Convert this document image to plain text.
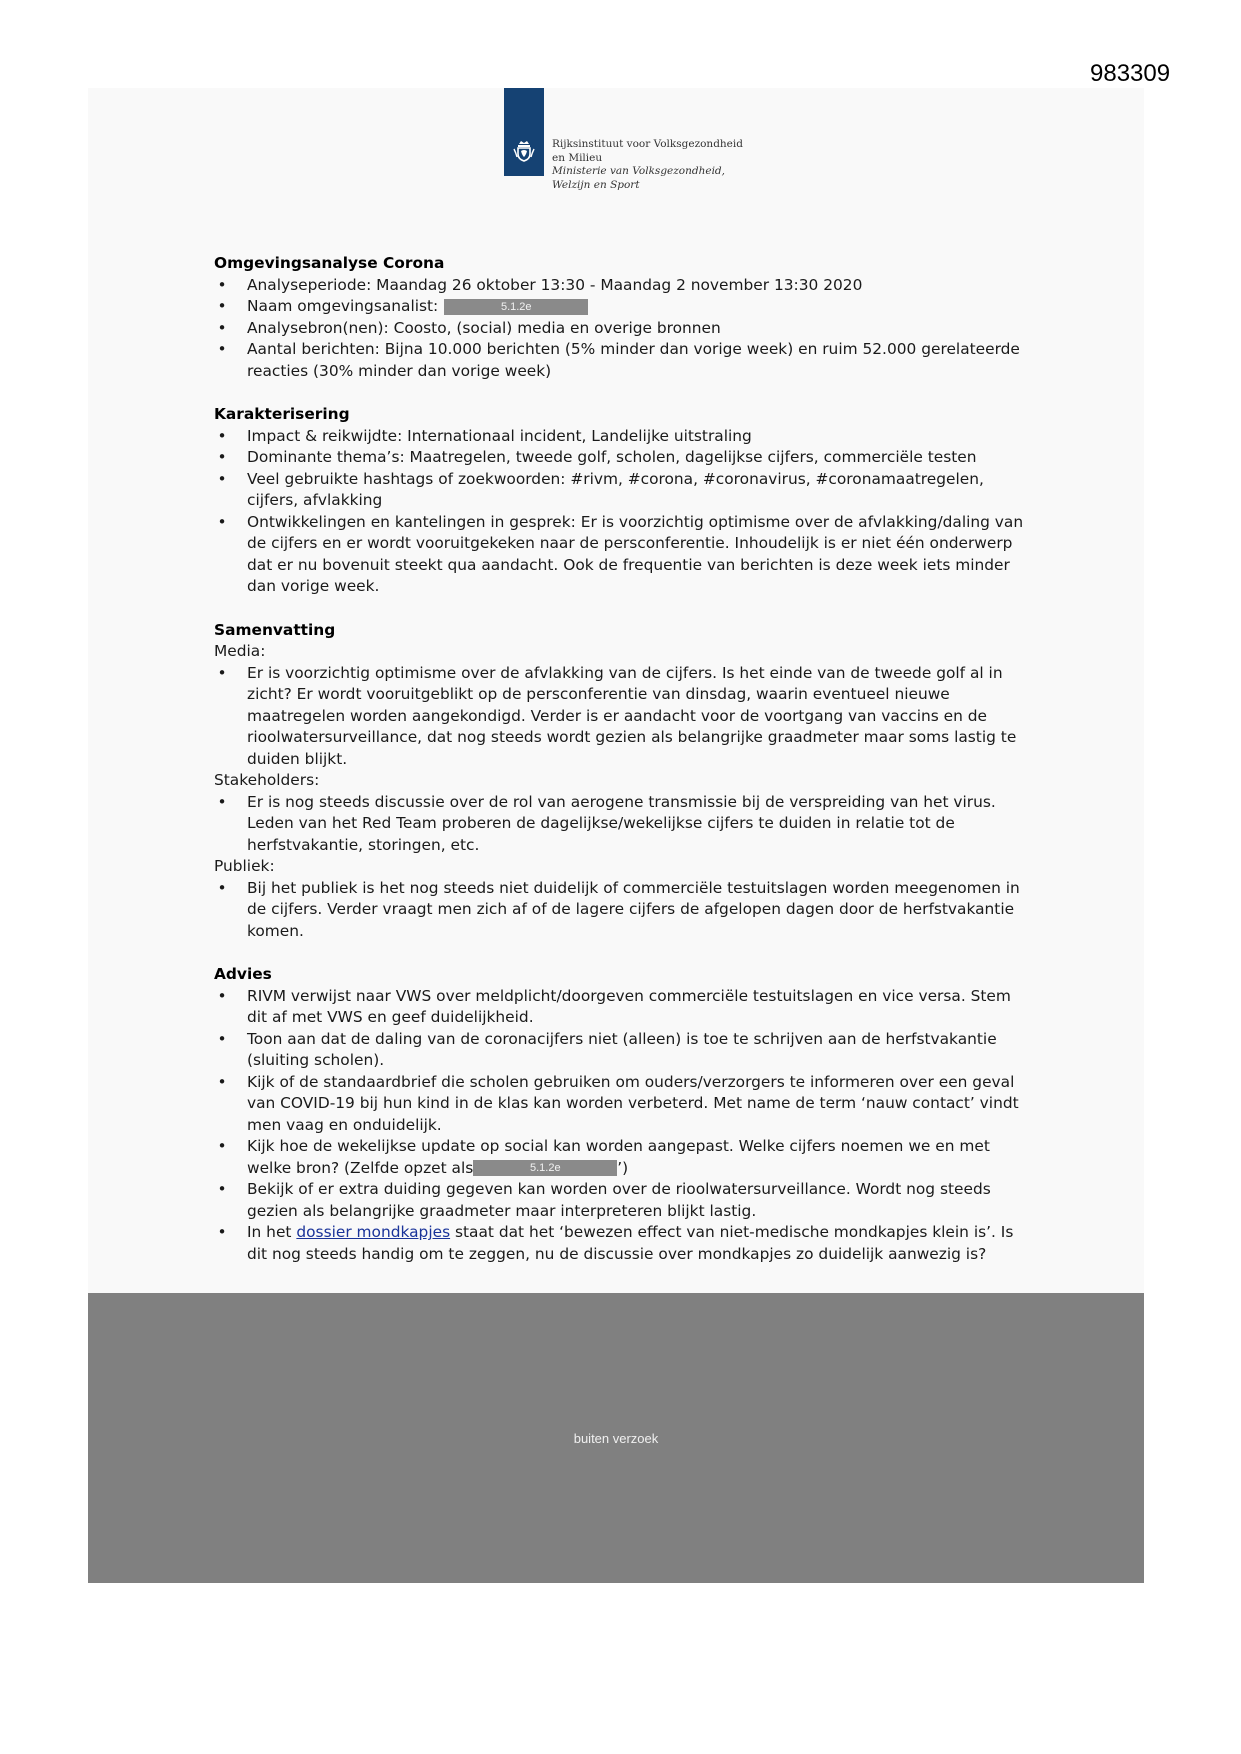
983309
Rijksinstituut voor Volksgezondheid
en Milieu
Ministerie van Volksgezondheid,
Welzijn en Sport
Omgevingsanalyse Corona
• Analyseperiode: Maandag 26 oktober 13:30 - Maandag 2 november 13:30 2020
• Naam omgevingsanalist:	5.1.2e
• Analysebron(nen): Coosto, (social) media en overige bronnen
• Aantal berichten: Bijna 10.000 berichten (5% minder dan vorige week) en ruim 52.000 gerelateerde reacties (30% minder dan vorige week)
Karakterisering
• Impact & reikwijdte: Internationaal incident, Landelijke uitstraling
• Dominante thema’s: Maatregelen, tweede golf, scholen, dagelijkse cijfers, commerciële testen
• Veel gebruikte hashtags of zoekwoorden: #rivm, #corona, #coronavirus, #coronamaatregelen, cijfers, afvlakking
• Ontwikkelingen en kantelingen in gesprek: Er is voorzichtig optimisme over de afvlakking/daling van de cijfers en er wordt vooruitgekeken naar de persconferentie. Inhoudelijk is er niet één onderwerp dat er nu bovenuit steekt qua aandacht. Ook de frequentie van berichten is deze week iets minder dan vorige week.
Samenvatting

Media:

• Er is voorzichtig optimisme over de afvlakking van de cijfers. Is het einde van de tweede golf al in zicht? Er wordt vooruitgeblikt op de persconferentie van dinsdag, waarin eventueel nieuwe maatregelen worden aangekondigd. Verder is er aandacht voor de voortgang van vaccins en de rioolwatersurveillance, dat nog steeds wordt gezien als belangrijke graadmeter maar soms lastig te duiden blijkt.

Stakeholders:

• Er is nog steeds discussie over de rol van aerogene transmissie bij de verspreiding van het virus. Leden van het Red Team proberen de dagelijkse/wekelijkse cijfers te duiden in relatie tot de herfstvakantie, storingen, etc.

Publiek:

• Bij het publiek is het nog steeds niet duidelijk of commerciële testuitslagen worden meegenomen in de cijfers. Verder vraagt men zich af of de lagere cijfers de afgelopen dagen door de herfstvakantie komen.
Advies
• RIVM verwijst naar VWS over meldplicht/doorgeven commerciële testuitslagen en vice versa. Stem dit af met VWS en geef duidelijkheid.
• Toon aan dat de daling van de coronacijfers niet (alleen) is toe te schrijven aan de herfstvakantie (sluiting scholen).
• Kijk of de standaardbrief die scholen gebruiken om ouders/verzorgers te informeren over een geval van COVID-19 bij hun kind in de klas kan worden verbeterd. Met name de term ‘nauw contact’ vindt men vaag en onduidelijk.
• Kijk hoe de wekelijkse update op social kan worden aangepast. Welke cijfers noemen we en met welke bron? (Zelfde opzet als	5.1.2e	’)
• Bekijk of er extra duiding gegeven kan worden over de rioolwatersurveillance. Wordt nog steeds gezien als belangrijke graadmeter maar interpreteren blijkt lastig.
• In het dossier mondkapjes staat dat het ‘bewezen effect van niet-medische mondkapjes klein is’. Is dit nog steeds handig om te zeggen, nu de discussie over mondkapjes zo duidelijk aanwezig is?
buiten verzoek
